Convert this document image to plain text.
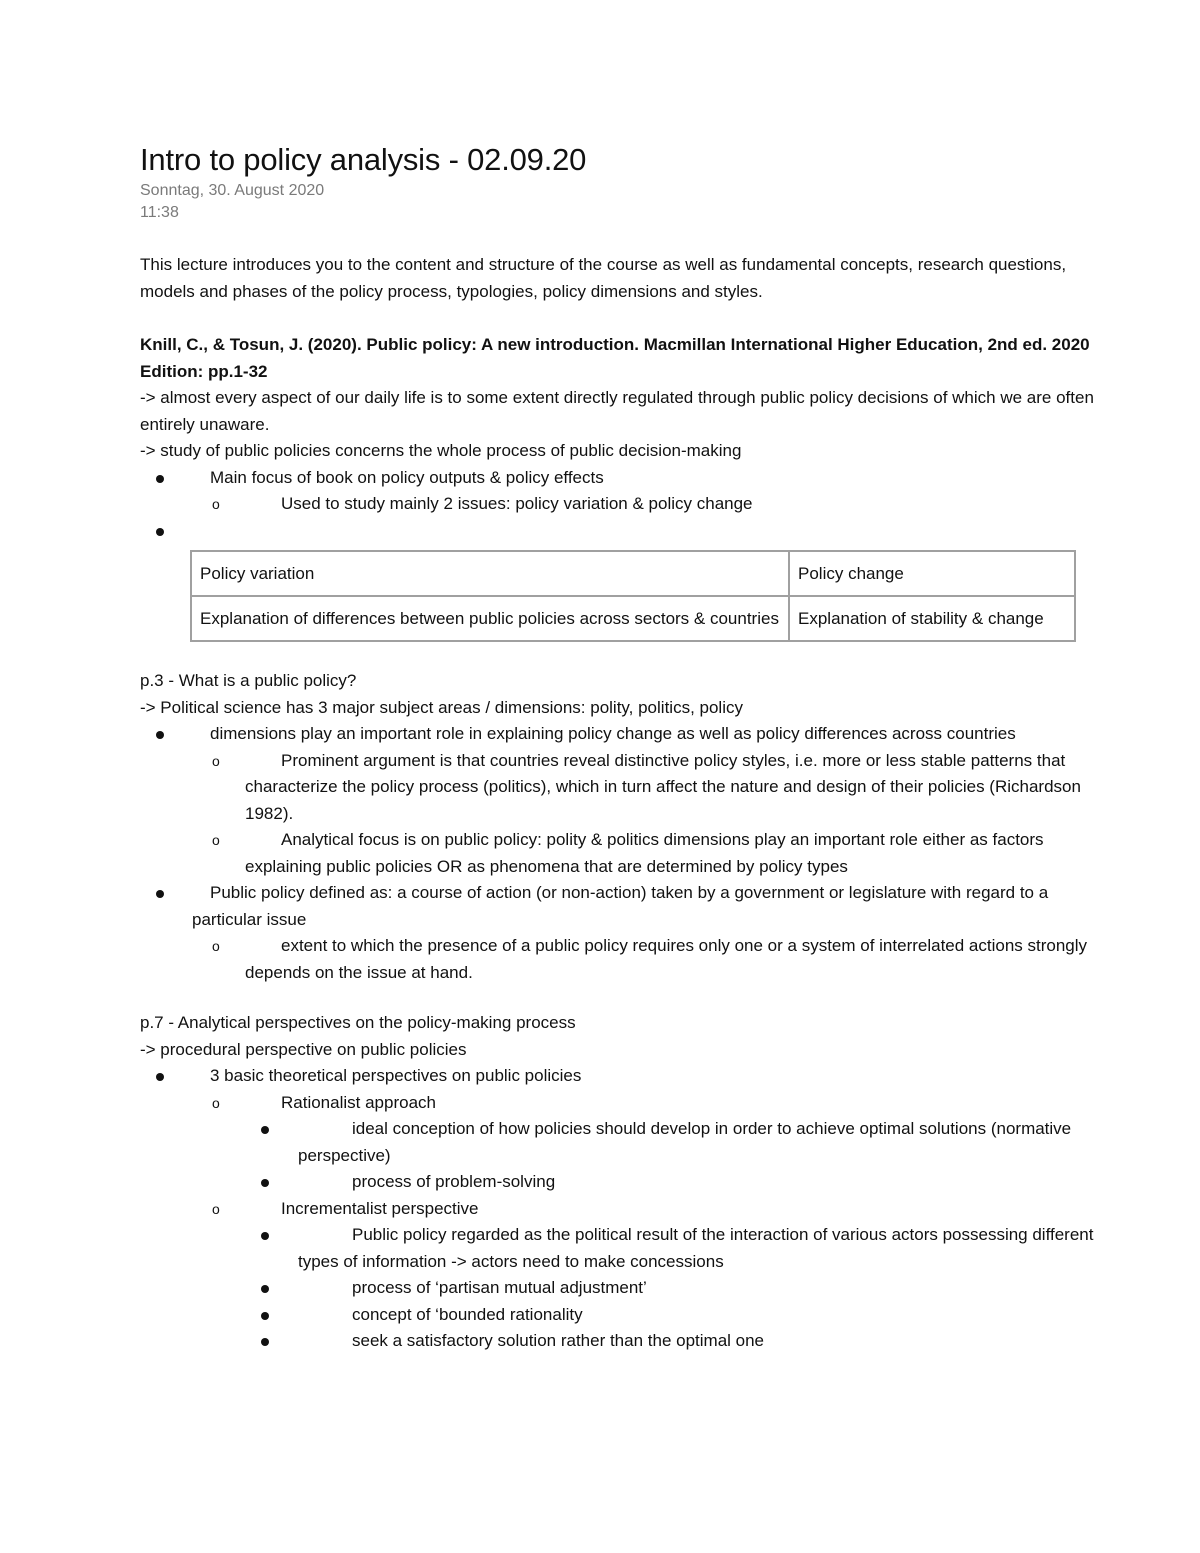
Intro to policy analysis - 02.09.20
Sonntag, 30. August 2020
11:38

This lecture introduces you to the content and structure of the course as well as fundamental concepts, research questions, models and phases of the policy process, typologies, policy dimensions and styles.

Knill, C., & Tosun, J. (2020). Public policy: A new introduction. Macmillan International Higher Education, 2nd ed. 2020 Edition: pp.1-32

-> almost every aspect of our daily life is to some extent directly regulated through public policy decisions of which we are often entirely unaware.

-> study of public policies concerns the whole process of public decision-making

Main focus of book on policy outputs & policy effects
o	Used to study mainly 2 issues: policy variation & policy change
Policy variation	Policy change
Explanation of differences between public policies across sectors & countries	Explanation of stability & change

p.3 - What is a public policy?

-> Political science has 3 major subject areas / dimensions: polity, politics, policy

dimensions play an important role in explaining policy change as well as policy differences across countries
o	Prominent argument is that countries reveal distinctive policy styles, i.e. more or less stable patterns that characterize the policy process (politics), which in turn affect the nature and design of their policies (Richardson 1982).
o	Analytical focus is on public policy: polity & politics dimensions play an important role either as factors explaining public policies OR as phenomena that are determined by policy types
Public policy defined as: a course of action (or non-action) taken by a government or legislature with regard to a particular issue
o	extent to which the presence of a public policy requires only one or a system of interrelated actions strongly depends on the issue at hand.

p.7 - Analytical perspectives on the policy-making process

-> procedural perspective on public policies

3 basic theoretical perspectives on public policies
o	Rationalist approach
ideal conception of how policies should develop in order to achieve optimal solutions (normative perspective)
process of problem-solving
o	Incrementalist perspective
Public policy regarded as the political result of the interaction of various actors possessing different types of information -> actors need to make concessions
process of ‘partisan mutual adjustment’
concept of ‘bounded rationality
seek a satisfactory solution rather than the optimal one
